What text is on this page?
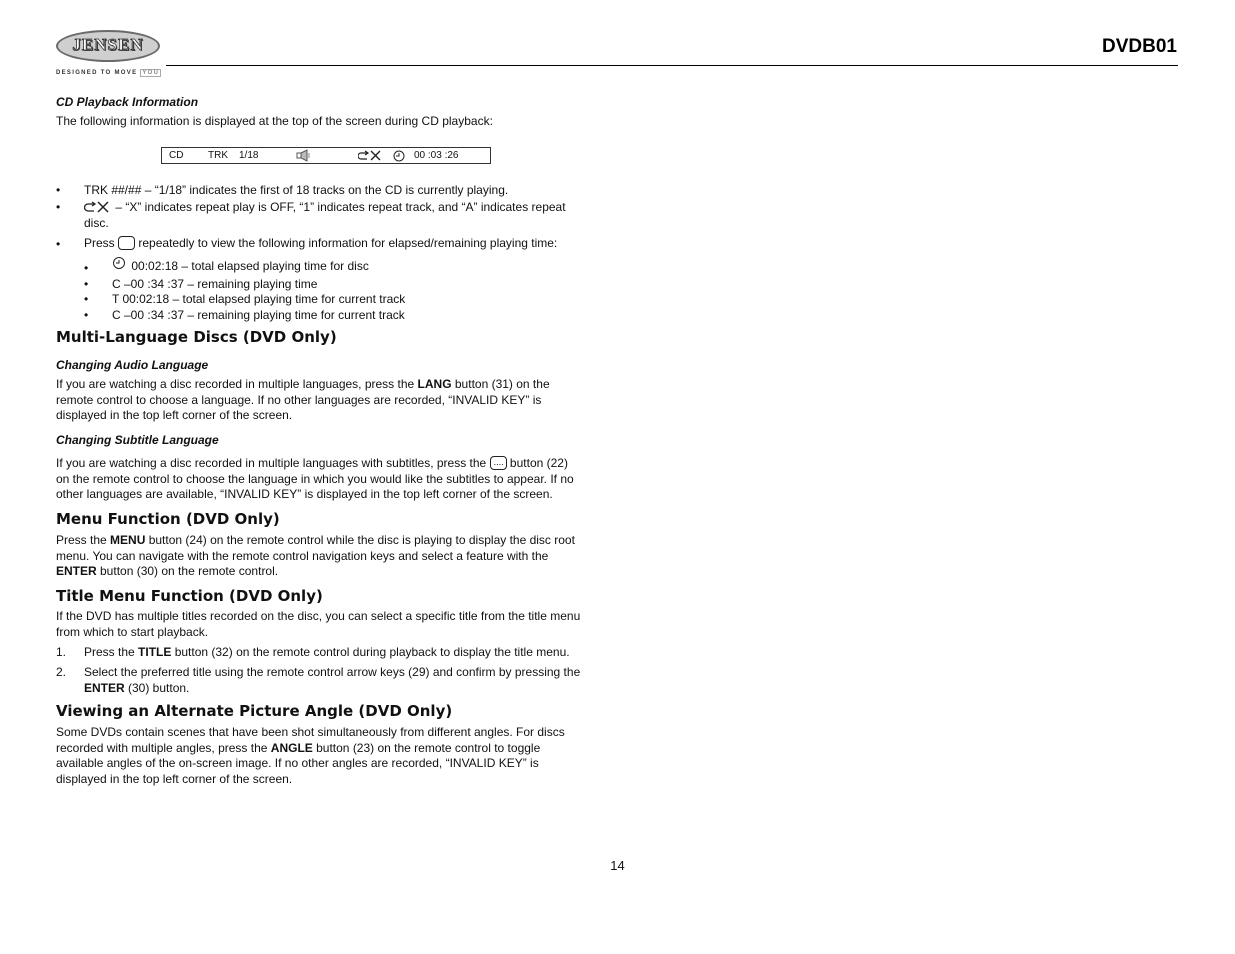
JENSEN
DESIGNED TO MOVE YOU
DVDB01
CD Playback Information
The following information is displayed at the top of the screen during CD playback:
CD TRK 1/18	00 :03 :26
• TRK ##/## – “1/18” indicates the first of 18 tracks on the CD is currently playing.
•	– “X” indicates repeat play is OFF, “1” indicates repeat track, and “A” indicates repeat
disc.
• Press repeatedly to view the following information for elapsed/remaining playing time:
•	00:02:18 – total elapsed playing time for disc
• C –00 :34 :37 – remaining playing time
• T 00:02:18 – total elapsed playing time for current track
• C –00 :34 :37 – remaining playing time for current track
Multi-Language Discs (DVD Only)
Changing Audio Language
If you are watching a disc recorded in multiple languages, press the LANG button (31) on the
remote control to choose a language. If no other languages are recorded, “INVALID KEY” is
displayed in the top left corner of the screen.
Changing Subtitle Language
If you are watching a disc recorded in multiple languages with subtitles, press the .... button (22)
on the remote control to choose the language in which you would like the subtitles to appear. If no
other languages are available, “INVALID KEY” is displayed in the top left corner of the screen.
Menu Function (DVD Only)
Press the MENU button (24) on the remote control while the disc is playing to display the disc root
menu. You can navigate with the remote control navigation keys and select a feature with the
ENTER button (30) on the remote control.
Title Menu Function (DVD Only)
If the DVD has multiple titles recorded on the disc, you can select a specific title from the title menu
from which to start playback.
1. Press the TITLE button (32) on the remote control during playback to display the title menu.
2. Select the preferred title using the remote control arrow keys (29) and confirm by pressing the
ENTER (30) button.
Viewing an Alternate Picture Angle (DVD Only)
Some DVDs contain scenes that have been shot simultaneously from different angles. For discs
recorded with multiple angles, press the ANGLE button (23) on the remote control to toggle
available angles of the on-screen image. If no other angles are recorded, “INVALID KEY” is
displayed in the top left corner of the screen.
14
